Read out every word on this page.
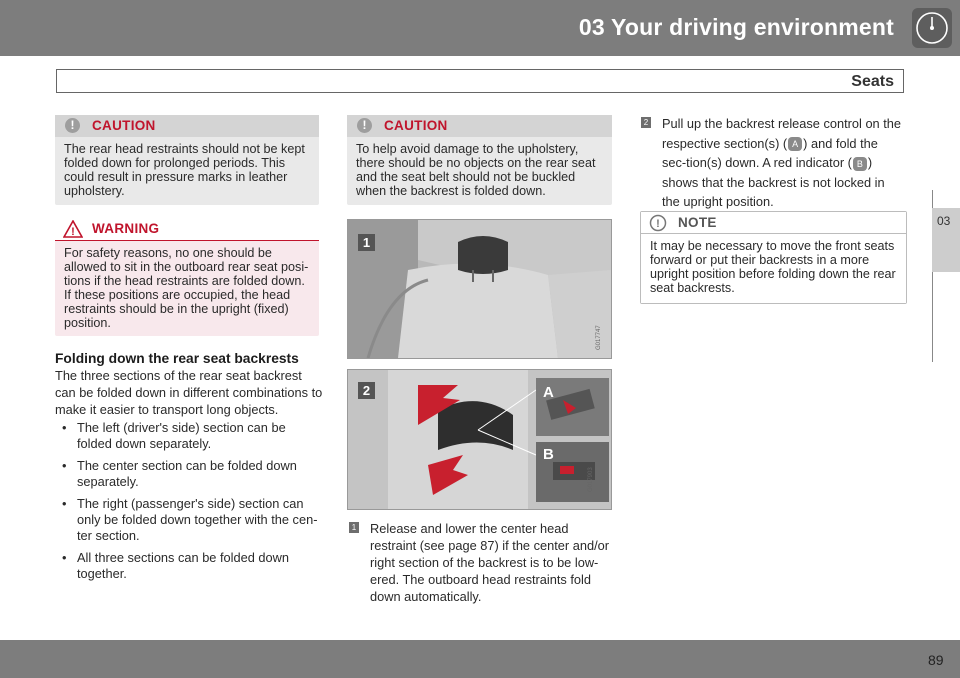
03 Your driving environment
Seats
03
!	CAUTION
The rear head restraints should not be kept folded down for prolonged periods. This could result in pressure marks in leather upholstery.
! WARNING
For safety reasons, no one should be allowed to sit in the outboard rear seat posi-tions if the head restraints are folded down. If these positions are occupied, the head restraints should be in the upright (fixed) position.
Folding down the rear seat backrests
The three sections of the rear seat backrest can be folded down in different combinations to make it easier to transport long objects.
• The left (driver's side) section can be folded down separately.
• The center section can be folded down separately.
• The right (passenger's side) section can only be folded down together with the cen-ter section.
• All three sections can be folded down together.
!	CAUTION
To help avoid damage to the upholstery, there should be no objects on the rear seat and the seat belt should not be buckled when the backrest is folded down.
1
G017747
2	A
B
G017903
1	Release and lower the center head restraint (see page 87) if the center and/or right section of the backrest is to be low-ered. The outboard head restraints fold down automatically.
2	Pull up the backrest release control on the respective section(s) ( A ) and fold the sec-tion(s) down. A red indicator ( B ) shows that the backrest is not locked in the upright position.
! NOTE
It may be necessary to move the front seats forward or put their backrests in a more upright position before folding down the rear seat backrests.
89
